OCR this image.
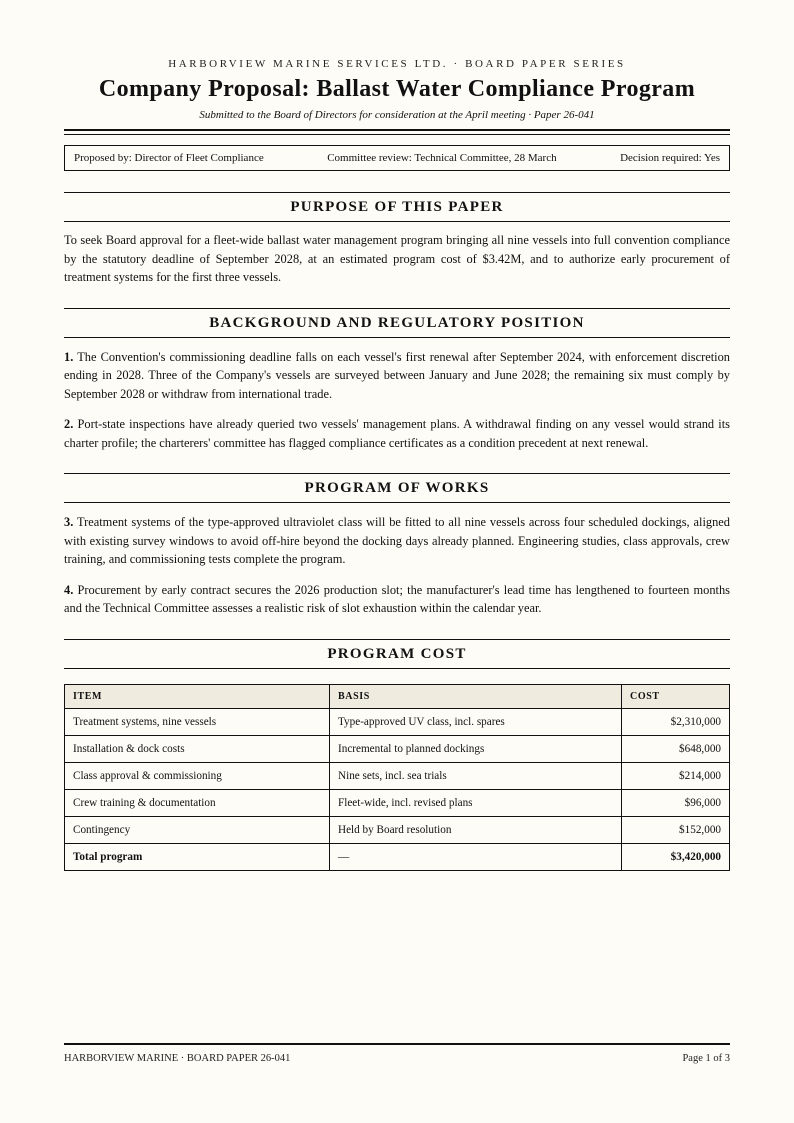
HARBORVIEW MARINE SERVICES LTD. · BOARD PAPER SERIES
Company Proposal: Ballast Water Compliance Program
Submitted to the Board of Directors for consideration at the April meeting · Paper 26-041
Proposed by: Director of Fleet Compliance	Committee review: Technical Committee, 28 March	Decision required: Yes
PURPOSE OF THIS PAPER

To seek Board approval for a fleet-wide ballast water management program bringing all nine vessels into full convention compliance by the statutory deadline of September 2028, at an estimated program cost of $3.42M, and to authorize early procurement of treatment systems for the first three vessels.

BACKGROUND AND REGULATORY POSITION

1. The Convention's commissioning deadline falls on each vessel's first renewal after September 2024, with enforcement discretion ending in 2028. Three of the Company's vessels are surveyed between January and June 2028; the remaining six must comply by September 2028 or withdraw from international trade.

2. Port-state inspections have already queried two vessels' management plans. A withdrawal finding on any vessel would strand its charter profile; the charterers' committee has flagged compliance certificates as a condition precedent at next renewal.

PROGRAM OF WORKS

3. Treatment systems of the type-approved ultraviolet class will be fitted to all nine vessels across four scheduled dockings, aligned with existing survey windows to avoid off-hire beyond the docking days already planned. Engineering studies, class approvals, crew training, and commissioning tests complete the program.

4. Procurement by early contract secures the 2026 production slot; the manufacturer's lead time has lengthened to fourteen months and the Technical Committee assesses a realistic risk of slot exhaustion within the calendar year.

PROGRAM COST
ITEM	BASIS	COST
Treatment systems, nine vessels	Type-approved UV class, incl. spares	$2,310,000
Installation & dock costs	Incremental to planned dockings	$648,000
Class approval & commissioning	Nine sets, incl. sea trials	$214,000
Crew training & documentation	Fleet-wide, incl. revised plans	$96,000
Contingency	Held by Board resolution	$152,000
Total program	—	$3,420,000
HARBORVIEW MARINE · BOARD PAPER 26-041	Page 1 of 3
